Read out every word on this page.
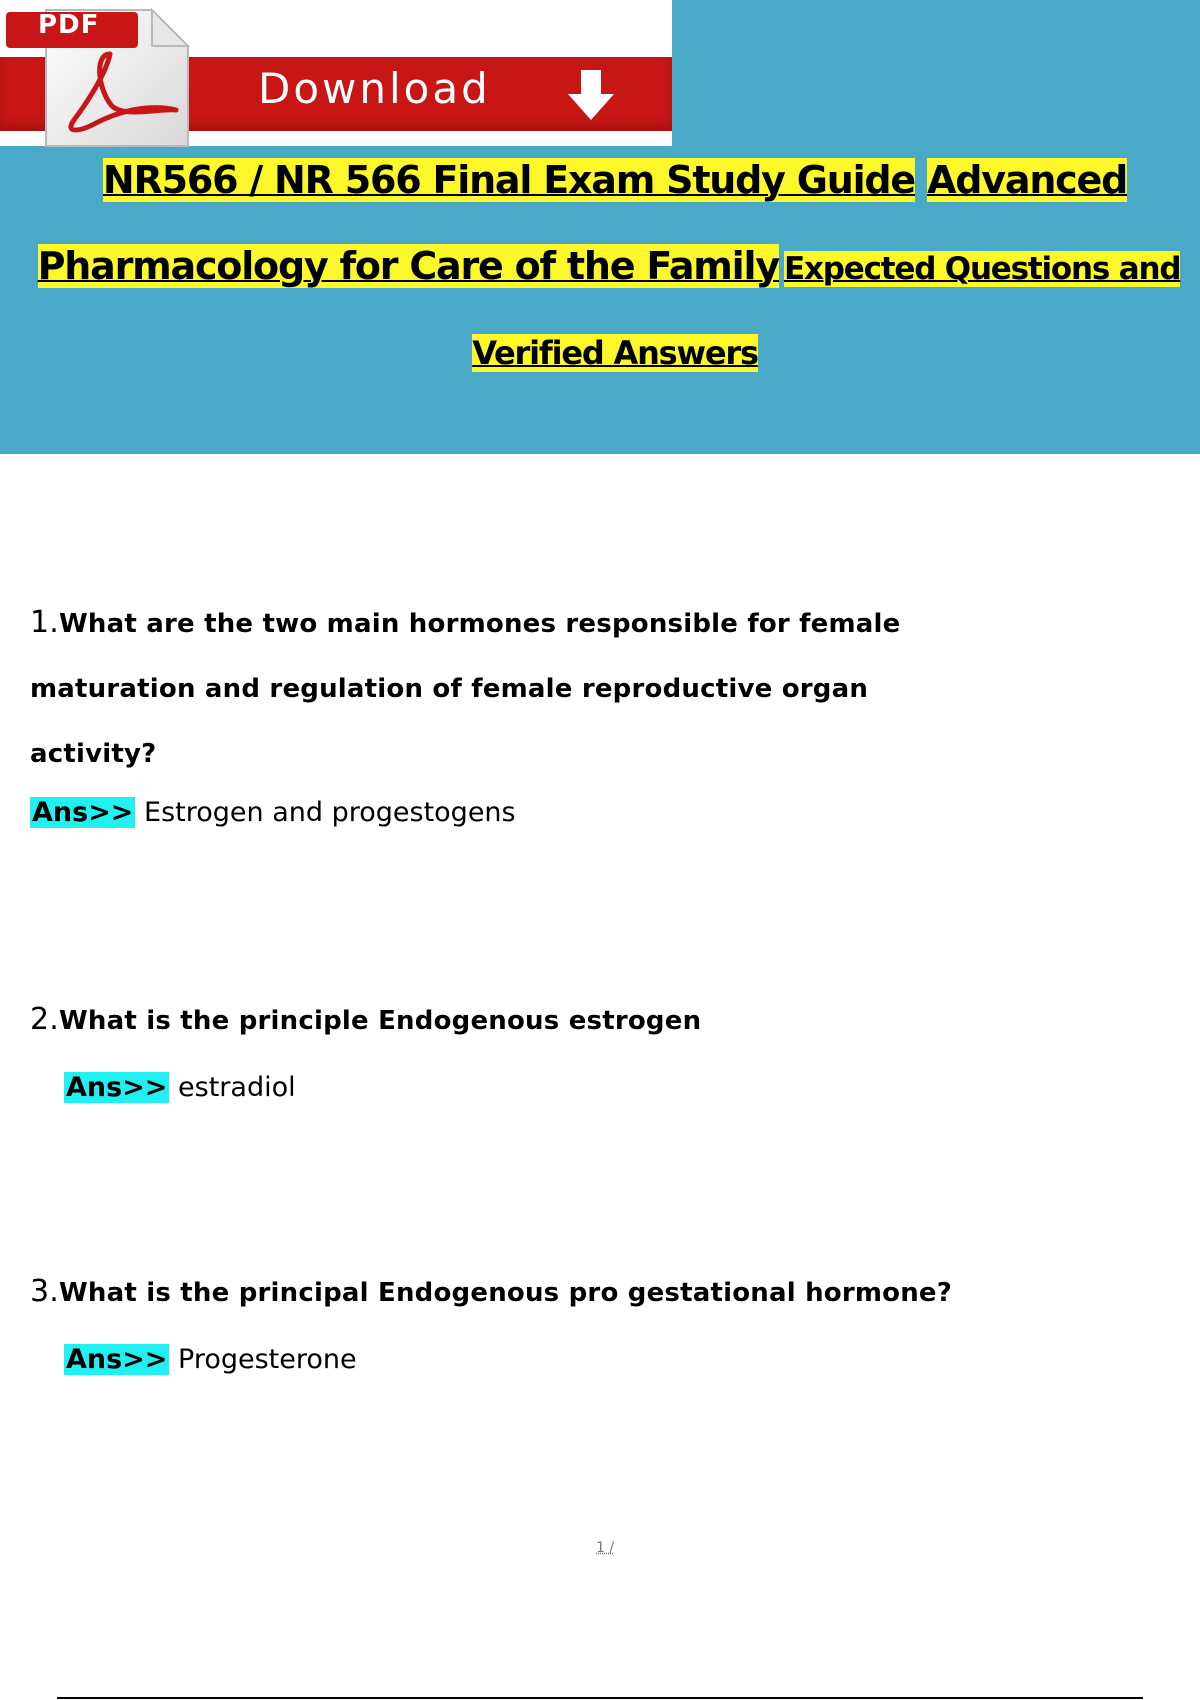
Download
PDF
NR566 / NR 566 Final Exam Study Guide Advanced
Pharmacology for Care of the Family Expected Questions and
Verified Answers
1.What are the two main hormones responsible for female
maturation and regulation of female reproductive organ
activity?
Ans>> Estrogen and progestogens
2.What is the principle Endogenous estrogen
Ans>> estradiol
3.What is the principal Endogenous pro gestational hormone?
Ans>> Progesterone
1 /
